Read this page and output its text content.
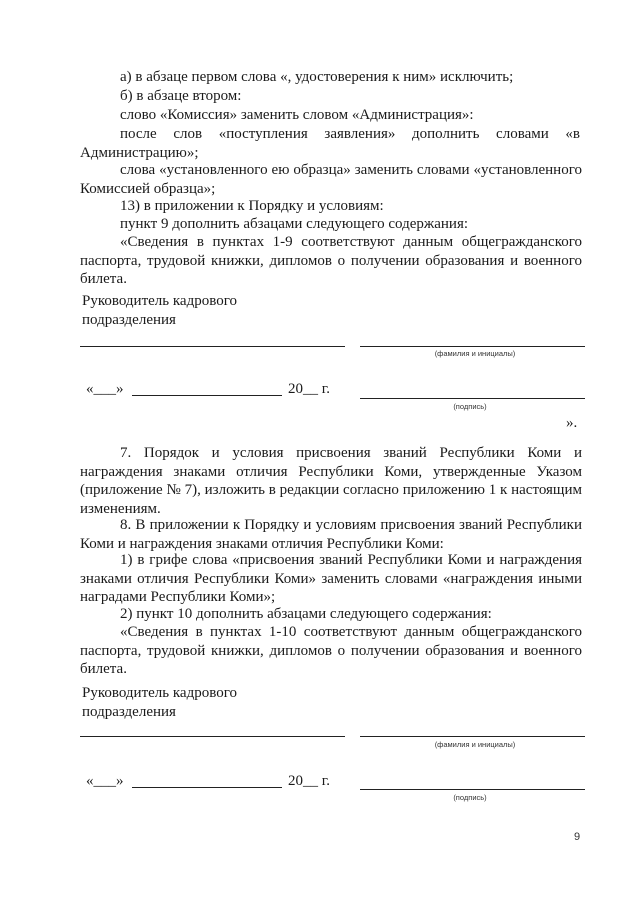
а) в абзаце первом слова «, удостоверения к ним» исключить;
б) в абзаце втором:
слово «Комиссия» заменить словом «Администрация»:
после слов «поступления заявления» дополнить словами «в Администрацию»;
слова «установленного ею образца» заменить словами «установленного Комиссией образца»;
13) в приложении к Порядку и условиям:
пункт 9 дополнить абзацами следующего содержания:
«Сведения в пунктах 1-9 соответствуют данным общегражданского паспорта, трудовой книжки, дипломов о получении образования и военного билета.
Руководитель кадрового
подразделения
(фамилия и инициалы)
«___»	20__ г.
(подпись)
».
7. Порядок и условия присвоения званий Республики Коми и награждения знаками отличия Республики Коми, утвержденные Указом (приложение № 7), изложить в редакции согласно приложению 1 к настоящим изменениям.
8. В приложении к Порядку и условиям присвоения званий Республики Коми и награждения знаками отличия Республики Коми:
1) в грифе слова «присвоения званий Республики Коми и награждения знаками отличия Республики Коми» заменить словами «награждения иными наградами Республики Коми»;
2) пункт 10 дополнить абзацами следующего содержания:
«Сведения в пунктах 1-10 соответствуют данным общегражданского паспорта, трудовой книжки, дипломов о получении образования и военного билета.
Руководитель кадрового
подразделения
(фамилия и инициалы)
«___»	20__ г.
(подпись)
9
